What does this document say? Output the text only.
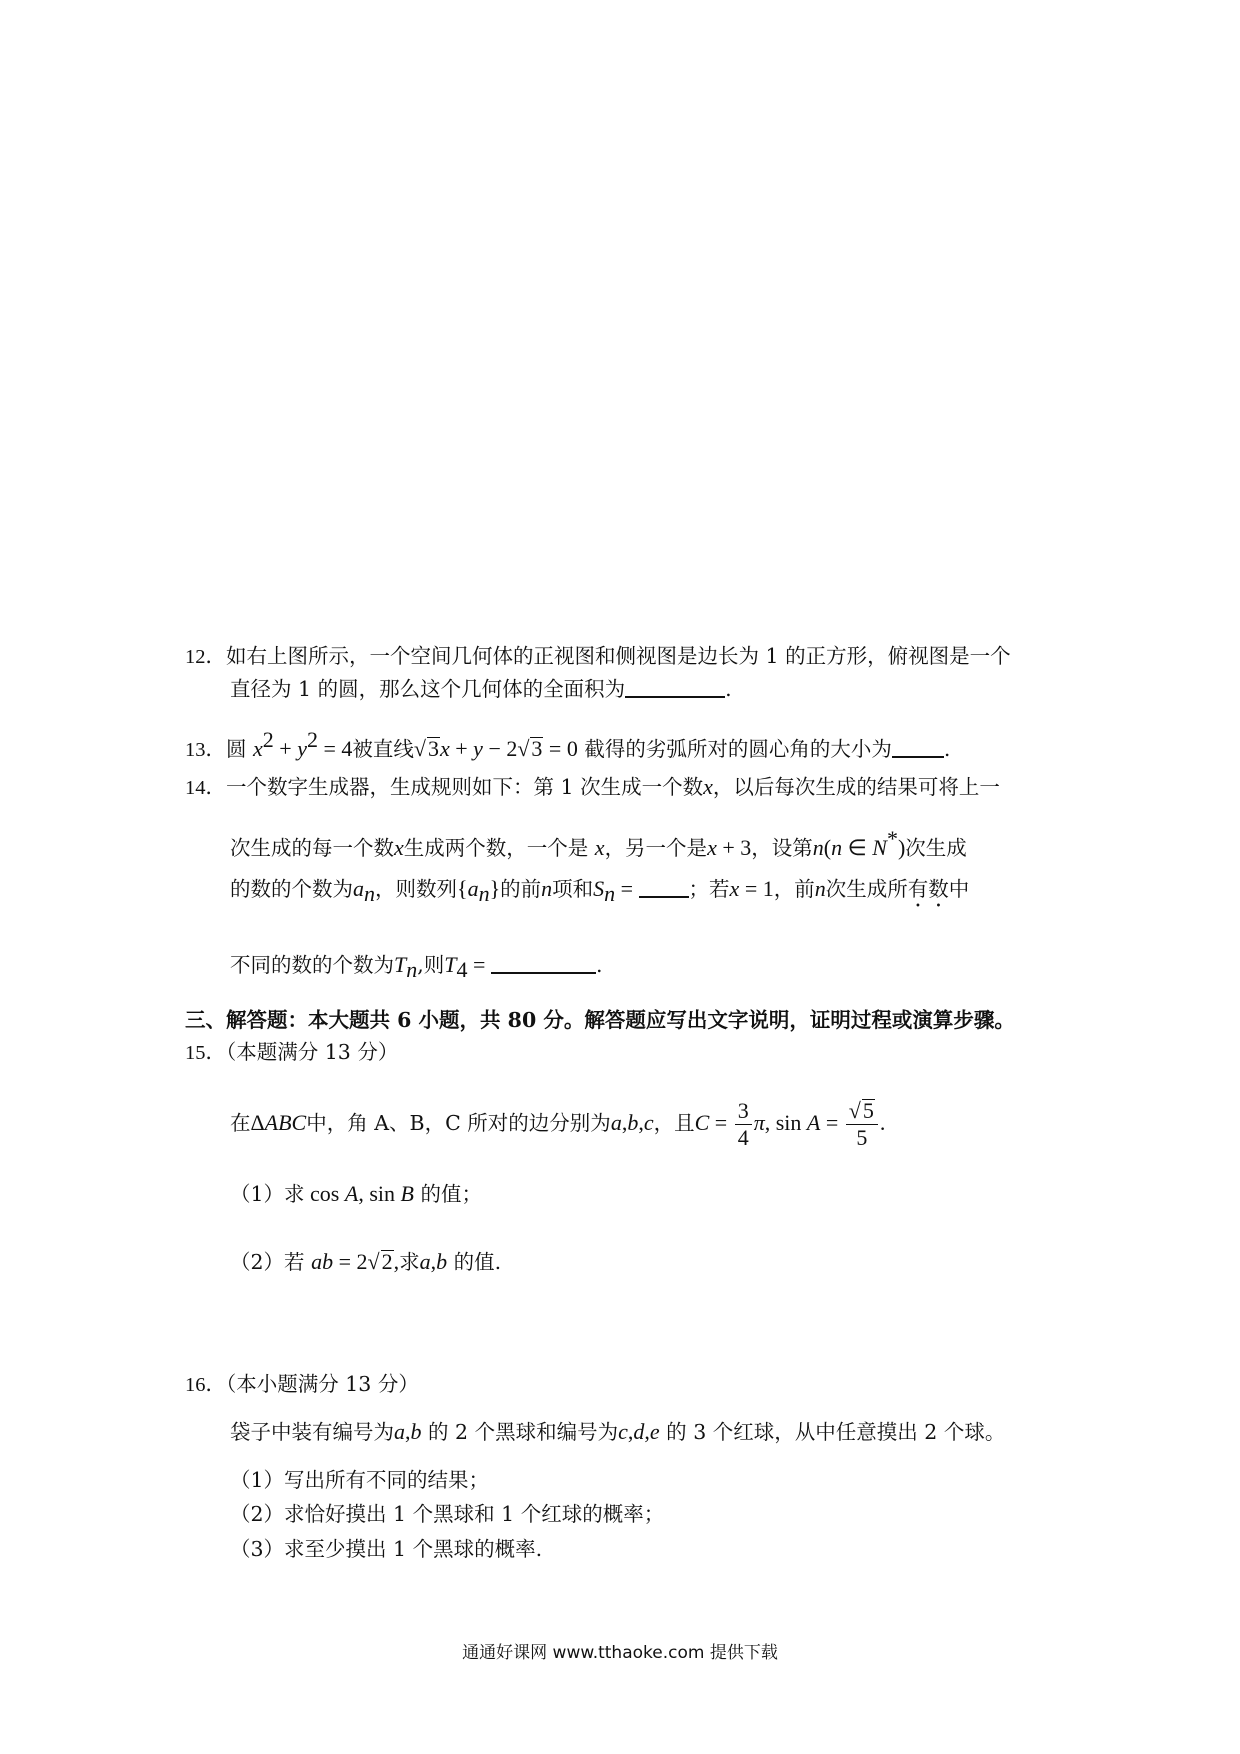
12．如右上图所示，一个空间几何体的正视图和侧视图是边长为 1 的正方形，俯视图是一个
直径为 1 的圆，那么这个几何体的全面积为	.
13．圆 $x^2 + y^2 = 4$被直线√3x + y − 2√3 = 0 截得的劣弧所对的圆心角的大小为	.
14．一个数字生成器，生成规则如下：第 1 次生成一个数x，以后每次生成的结果可将上一
次生成的每一个数x生成两个数，一个是 x，另一个是x + 3，设第n(n ∈ N*)次生成
的数的个数为$a_n$，则数列$\{a_n\}$的前n项和$S_n$ = ；若x = 1，前n次生成所有数中
不同的数的个数为$T_n$,则$T_4$ =	.
三、解答题：本大题共 6 小题，共 80 分。解答题应写出文字说明，证明过程或演算步骤。
15．（本题满分 13 分）
在ΔABC中，角 A、B，C 所对的边分别为a,b,c，且$C = \frac{3}{4} \pi$, $\sin A = \frac{√5}{5}$ .
（1）求 cos A, sin B 的值；
（2）若 ab = 2√2,求a,b 的值.
16．（本小题满分 13 分）
袋子中装有编号为a,b 的 2 个黑球和编号为c,d,e 的 3 个红球，从中任意摸出 2 个球。
（1）写出所有不同的结果；
（2）求恰好摸出 1 个黑球和 1 个红球的概率；
（3）求至少摸出 1 个黑球的概率.
通通好课网 www.tthaoke.com 提供下载
